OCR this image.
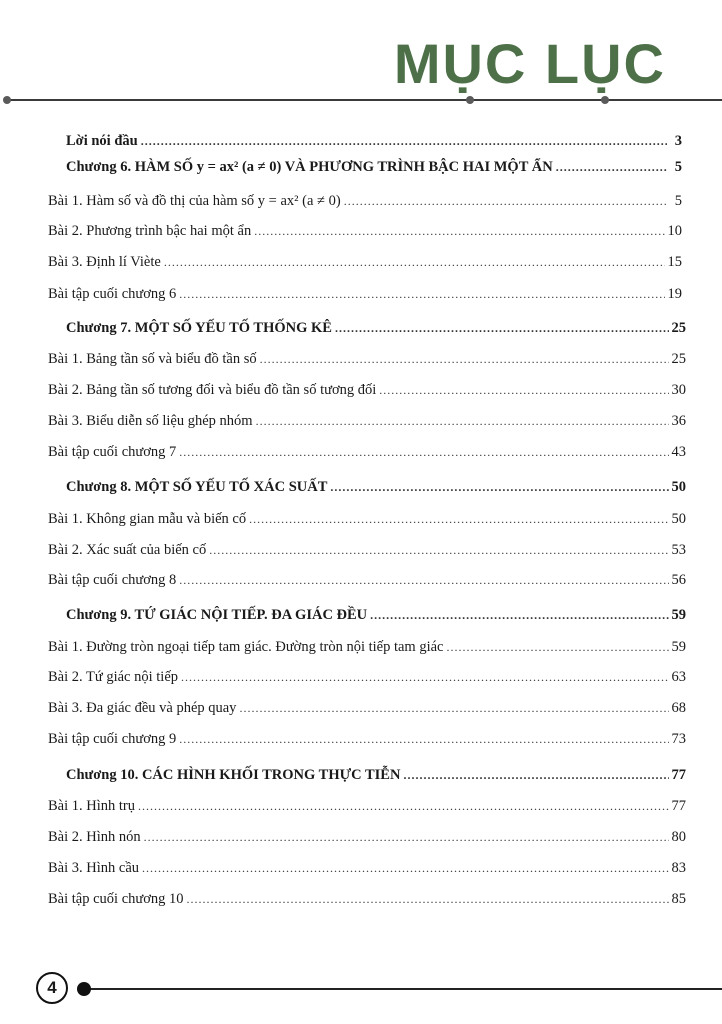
MỤC LỤC
Lời nói đầu .....	3
Chương 6. HÀM SỐ y = ax² (a ≠ 0) VÀ PHƯƠNG TRÌNH BẬC HAI MỘT ẨN .....	5
Bài 1. Hàm số và đồ thị của hàm số y = ax² (a ≠ 0) .....	5
Bài 2. Phương trình bậc hai một ẩn .....	10
Bài 3. Định lí Viète .....	15
Bài tập cuối chương 6 .....	19
Chương 7. MỘT SỐ YẾU TỐ THỐNG KÊ .....	25
Bài 1. Bảng tần số và biểu đồ tần số .....	25
Bài 2. Bảng tần số tương đối và biểu đồ tần số tương đối .....	30
Bài 3. Biểu diễn số liệu ghép nhóm .....	36
Bài tập cuối chương 7 .....	43
Chương 8. MỘT SỐ YẾU TỐ XÁC SUẤT .....	50
Bài 1. Không gian mẫu và biến cố .....	50
Bài 2. Xác suất của biến cố .....	53
Bài tập cuối chương 8 .....	56
Chương 9. TỨ GIÁC NỘI TIẾP. ĐA GIÁC ĐỀU .....	59
Bài 1. Đường tròn ngoại tiếp tam giác. Đường tròn nội tiếp tam giác .....	59
Bài 2. Tứ giác nội tiếp .....	63
Bài 3. Đa giác đều và phép quay .....	68
Bài tập cuối chương 9 .....	73
Chương 10. CÁC HÌNH KHỐI TRONG THỰC TIỄN .....	77
Bài 1. Hình trụ .....	77
Bài 2. Hình nón .....	80
Bài 3. Hình cầu .....	83
Bài tập cuối chương 10 .....	85
4
